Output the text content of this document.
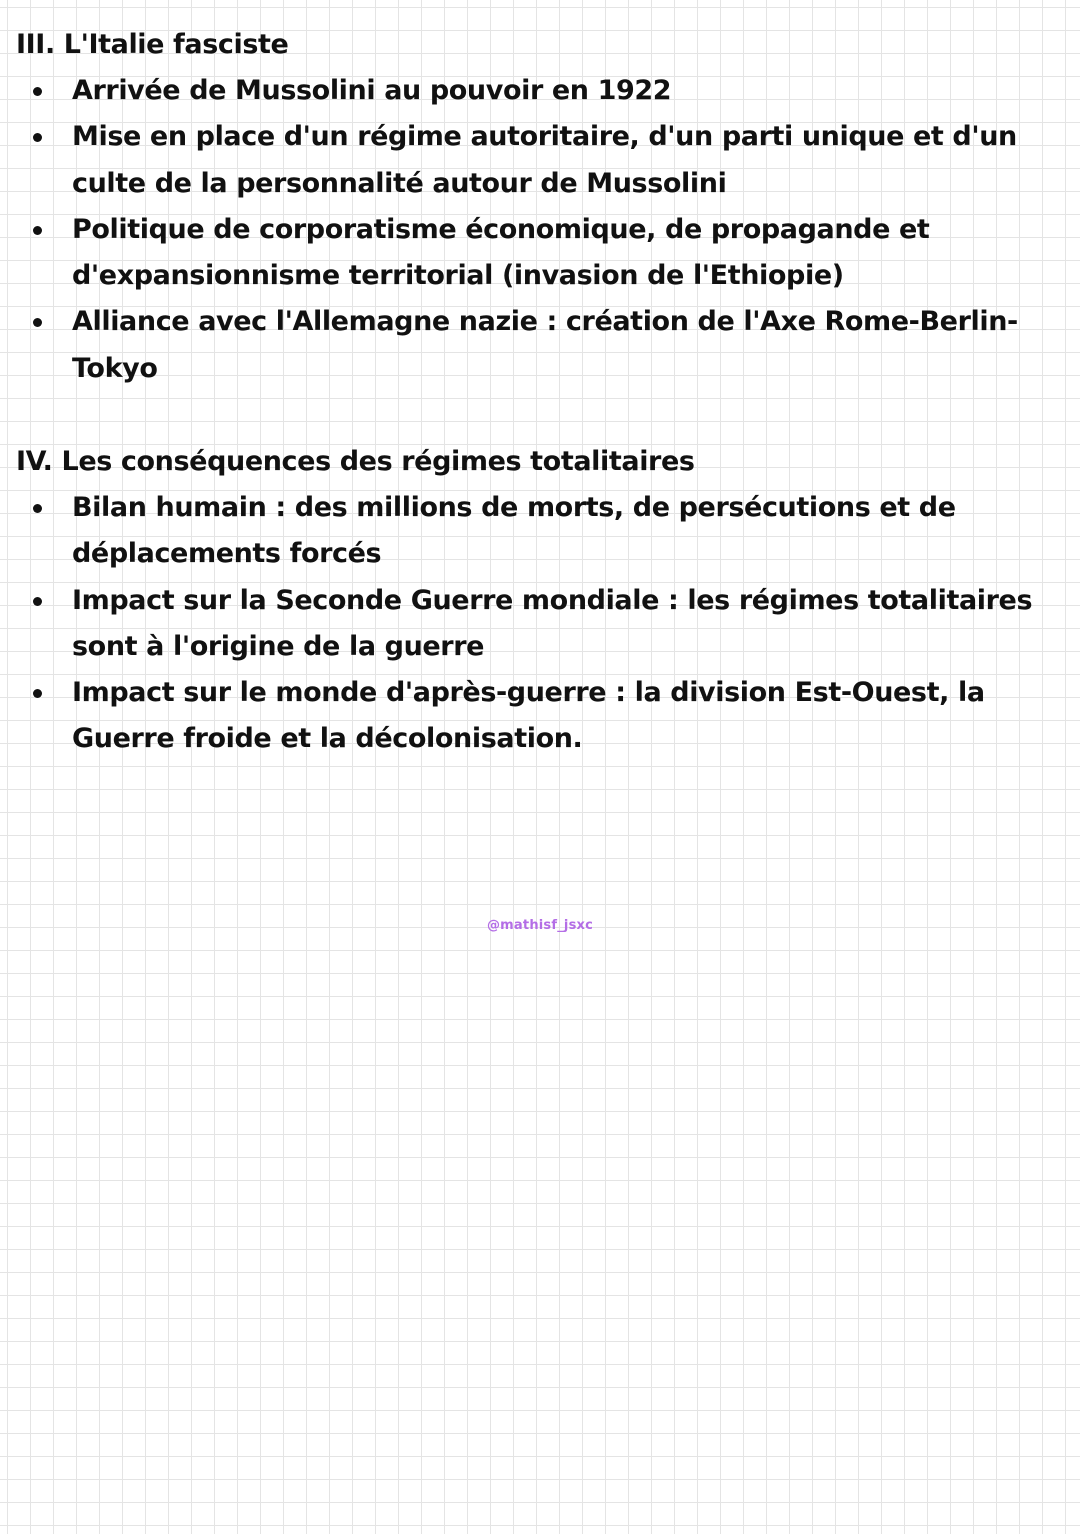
III. L'Italie fasciste
Arrivée de Mussolini au pouvoir en 1922
Mise en place d'un régime autoritaire, d'un parti unique et d'un culte de la personnalité autour de Mussolini
Politique de corporatisme économique, de propagande et d'expansionnisme territorial (invasion de l'Ethiopie)
Alliance avec l'Allemagne nazie : création de l'Axe Rome-Berlin-Tokyo
IV. Les conséquences des régimes totalitaires
Bilan humain : des millions de morts, de persécutions et de déplacements forcés
Impact sur la Seconde Guerre mondiale : les régimes totalitaires sont à l'origine de la guerre
Impact sur le monde d'après-guerre : la division Est-Ouest, la Guerre froide et la décolonisation.
@mathisf_jsxc
